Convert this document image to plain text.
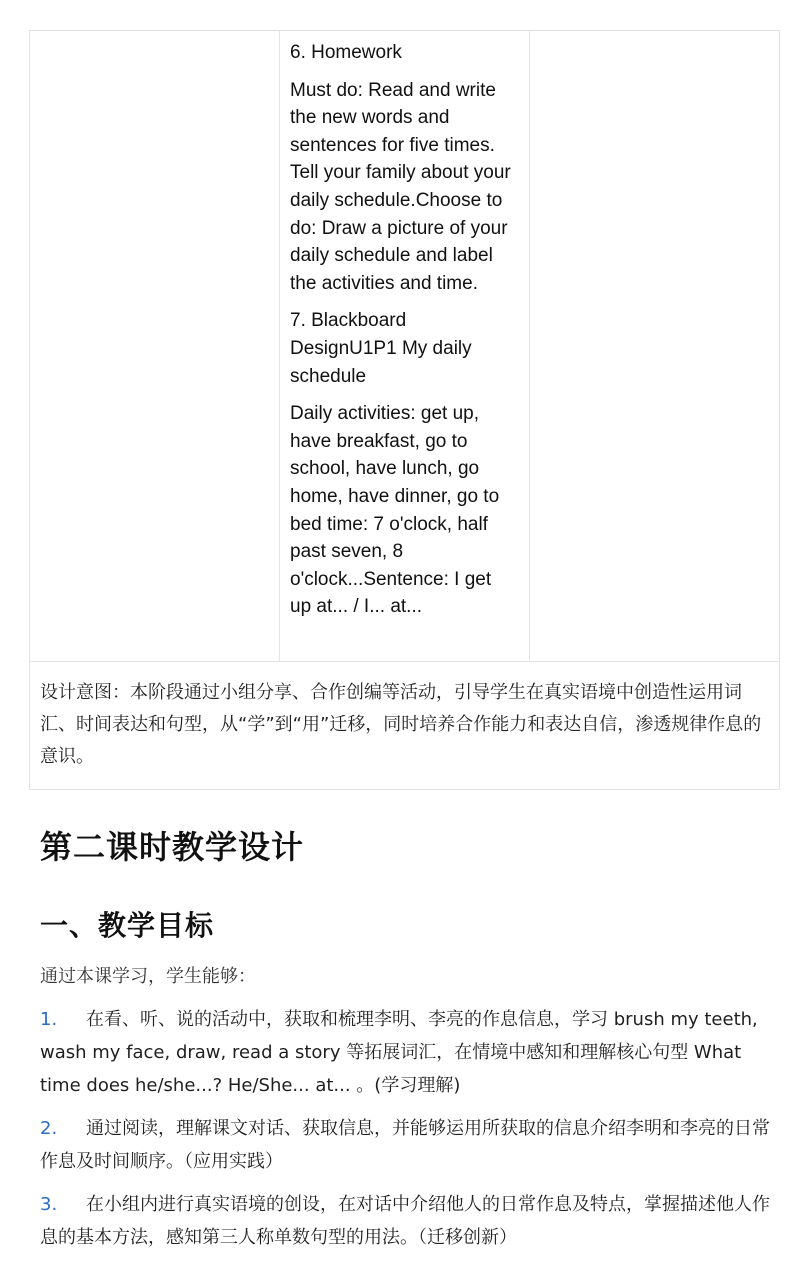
6. Homework

Must do: Read and write the new words and sentences for five times. Tell your family about your daily schedule.Choose to do: Draw a picture of your daily schedule and label the activities and time.

7. Blackboard DesignU1P1 My daily schedule

Daily activities: get up, have breakfast, go to school, have lunch, go home, have dinner, go to bed time: 7 o'clock, half past seven, 8 o'clock...Sentence: I get up at... / I... at...

设计意图：本阶段通过小组分享、合作创编等活动，引导学生在真实语境中创造性运用词汇、时间表达和句型，从“学”到“用”迁移，同时培养合作能力和表达自信，渗透规律作息的意识。
第二课时教学设计
一、教学目标

通过本课学习，学生能够：

1. 在看、听、说的活动中，获取和梳理李明、李亮的作息信息，学习 brush my teeth, wash my face, draw, read a story 等拓展词汇，在情境中感知和理解核心句型 What time does he/she...? He/She... at... 。(学习理解)
2. 通过阅读，理解课文对话、获取信息，并能够运用所获取的信息介绍李明和李亮的日常作息及时间顺序。（应用实践）
3. 在小组内进行真实语境的创设，在对话中介绍他人的日常作息及特点，掌握描述他人作息的基本方法，感知第三人称单数句型的用法。（迁移创新）
